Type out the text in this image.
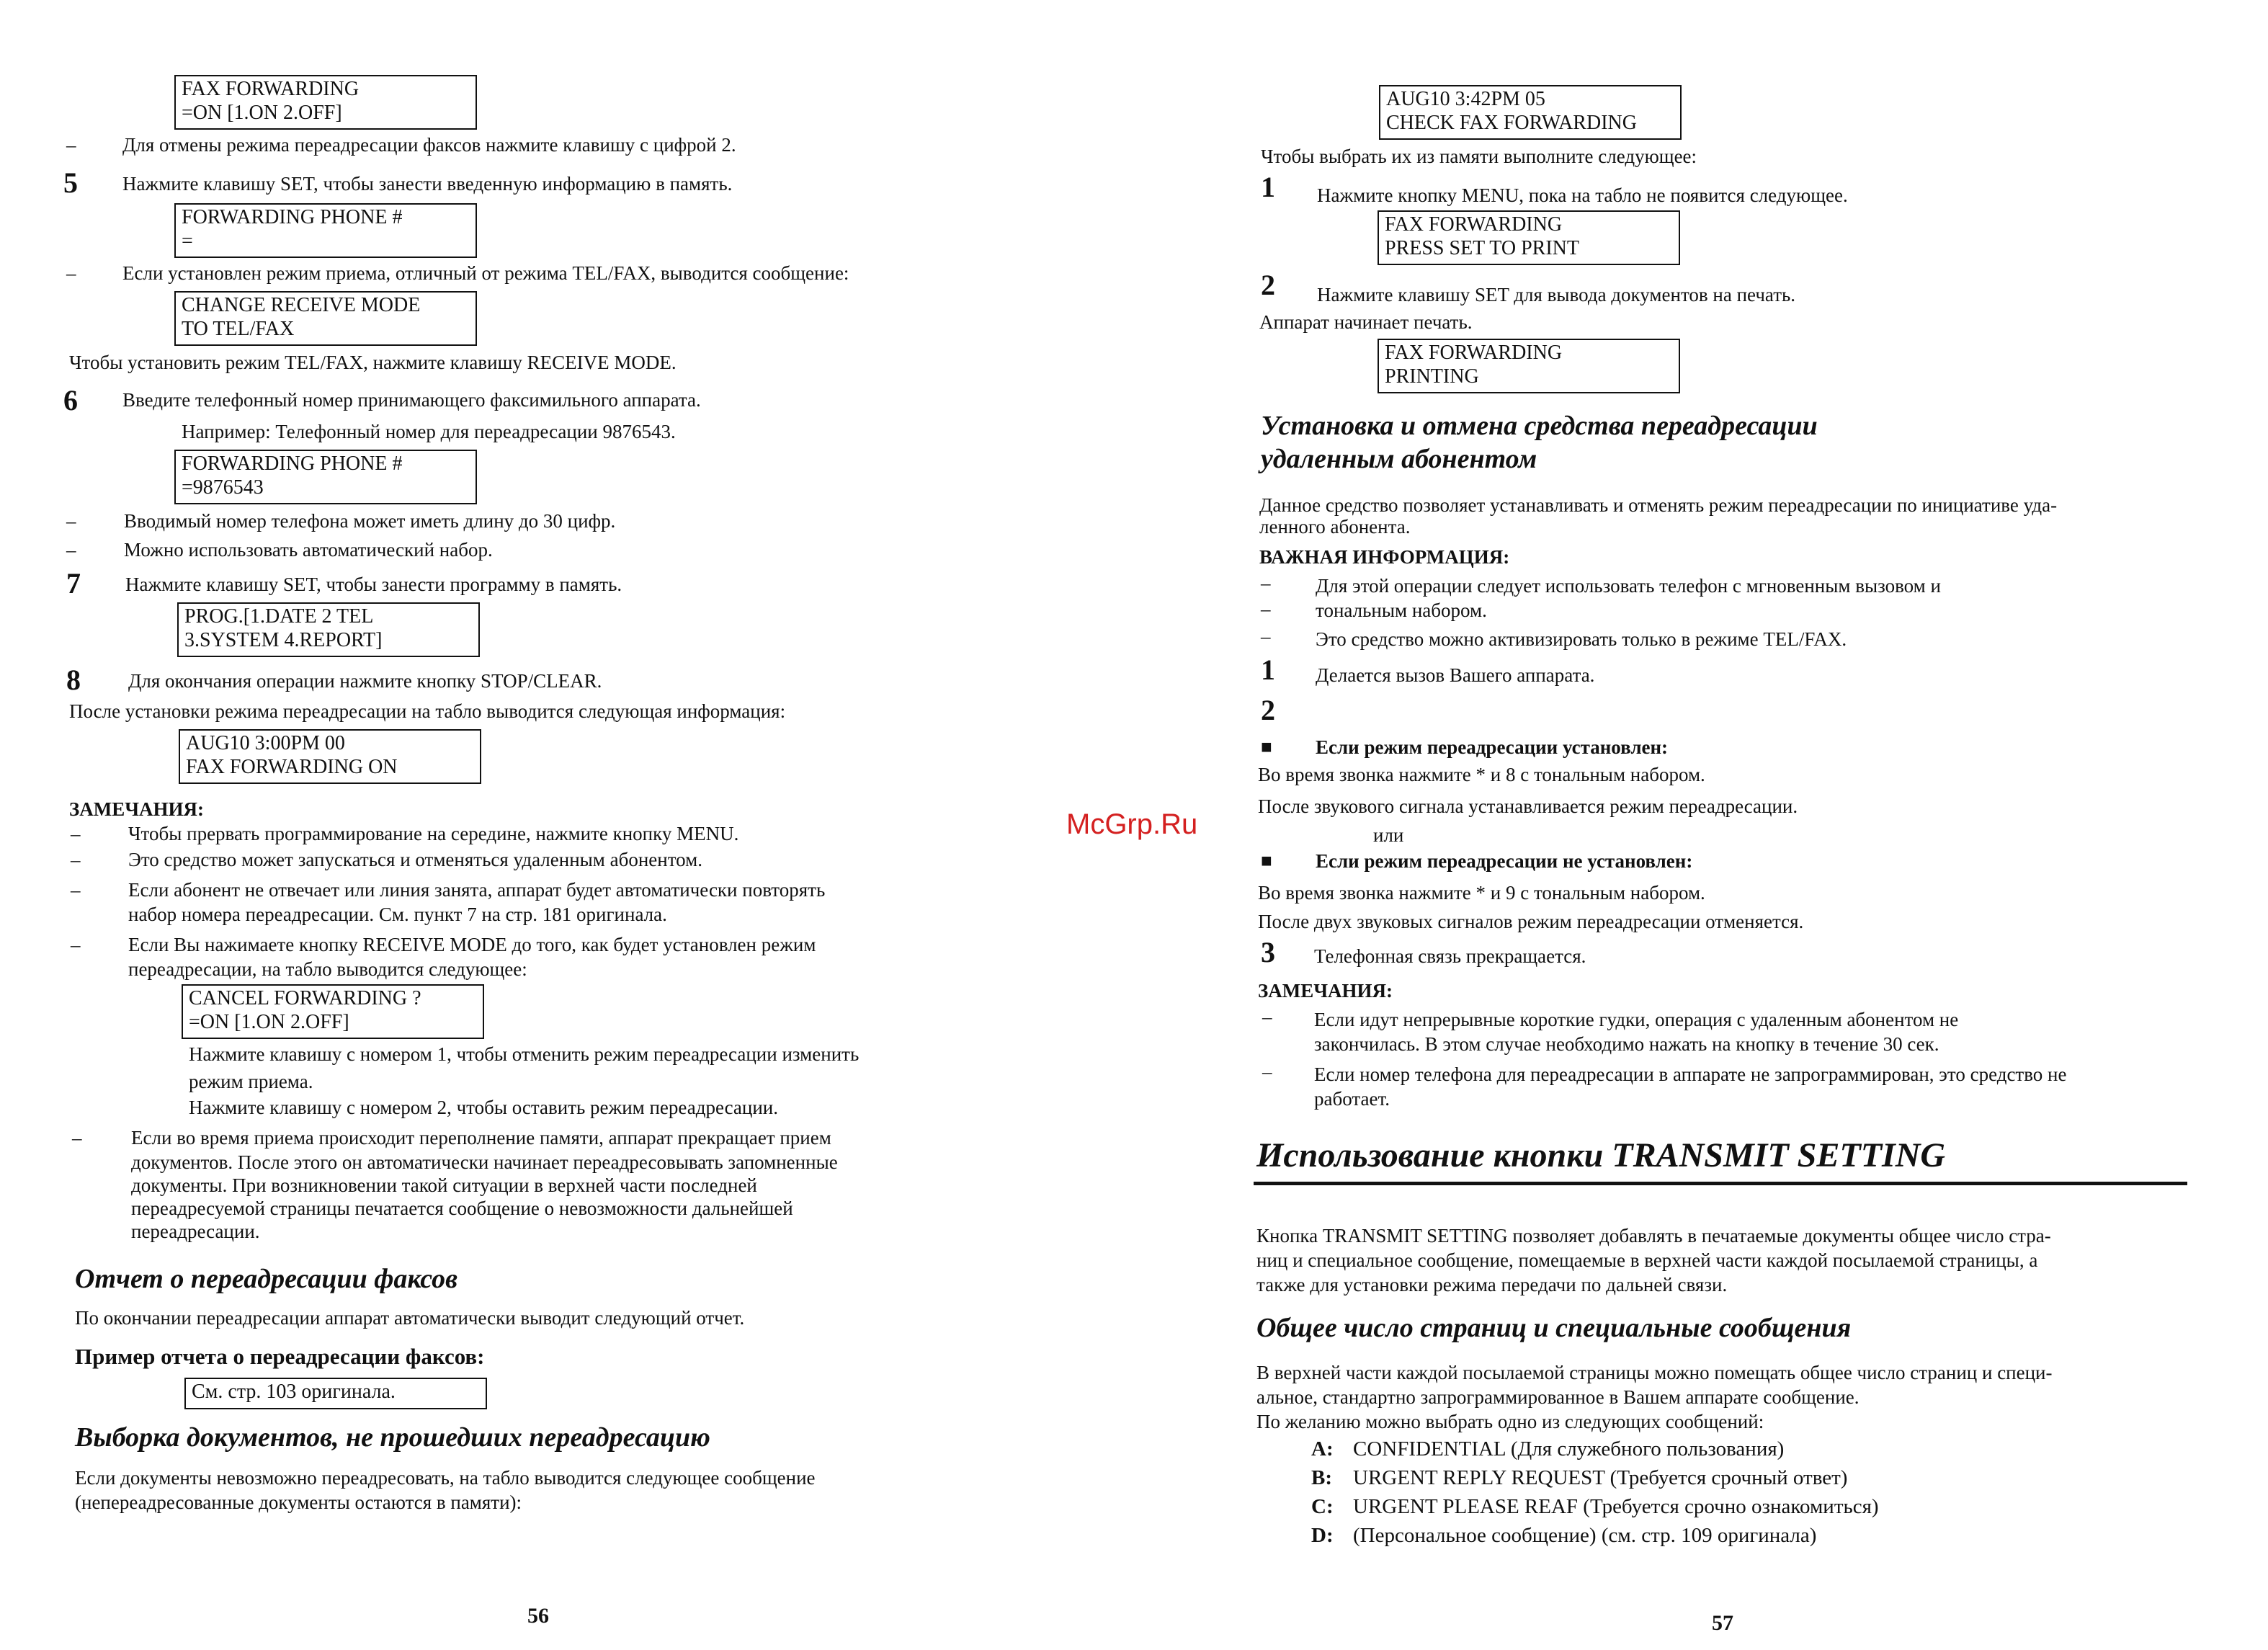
FAX FORWARDING
=ON [1.ON 2.OFF]
– Для отмены режима переадресации факсов нажмите клавишу с цифрой 2.
5 Нажмите клавишу SET, чтобы занести введенную информацию в память.
FORWARDING PHONE #
=
– Если установлен режим приема, отличный от режима TEL/FAX, выводится сообщение:
CHANGE RECEIVE MODE
TO TEL/FAX
Чтобы установить режим TEL/FAX, нажмите клавишу RECEIVE MODE.
6 Введите телефонный номер принимающего факсимильного аппарата.
Например: Телефонный номер для переадресации 9876543.
FORWARDING PHONE #
=9876543
– Вводимый номер телефона может иметь длину до 30 цифр.
– Можно использовать автоматический набор.
7 Нажмите клавишу SET, чтобы занести программу в память.
PROG.[1.DATE 2 TEL
3.SYSTEM 4.REPORT]
8 Для окончания операции нажмите кнопку STOP/CLEAR.
После установки режима переадресации на табло выводится следующая информация:
AUG10 3:00PM 00
FAX FORWARDING ON
ЗАМЕЧАНИЯ:
– Чтобы прервать программирование на середине, нажмите кнопку MENU.
– Это средство может запускаться и отменяться удаленным абонентом.
– Если абонент не отвечает или линия занята, аппарат будет автоматически повторять
набор номера переадресации. См. пункт 7 на стр. 181 оригинала.
– Если Вы нажимаете кнопку RECEIVE MODE до того, как будет установлен режим
переадресации, на табло выводится следующее:
CANCEL FORWARDING ?
=ON [1.ON 2.OFF]
Нажмите клавишу с номером 1, чтобы отменить режим переадресации изменить
режим приема.
Нажмите клавишу с номером 2, чтобы оставить режим переадресации.
–	Если во время приема происходит переполнение памяти, аппарат прекращает прием
документов. После этого он автоматически начинает переадресовывать запомненные
документы. При возникновении такой ситуации в верхней части последней
переадресуемой страницы печатается сообщение о невозможности дальнейшей
переадресации.
Отчет о переадресации факсов
По окончании переадресации аппарат автоматически выводит следующий отчет.
Пример отчета о переадресации факсов:
См. стр. 103 оригинала.
Выборка документов, не прошедших переадресацию
Если документы невозможно переадресовать, на табло выводится следующее сообщение
(непереадресованные документы остаются в памяти):
56
McGrp.Ru
AUG10 3:42PM 05
CHECK FAX FORWARDING
Чтобы выбрать их из памяти выполните следующее:
1 Нажмите кнопку MENU, пока на табло не появится следующее.
FAX FORWARDING
PRESS SET TO PRINT
2 Нажмите клавишу SET для вывода документов на печать.
Аппарат начинает печать.
FAX FORWARDING
PRINTING
Установка и отмена средства переадресации
удаленным абонентом
Данное средство позволяет устанавливать и отменять режим переадресации по инициативе уда-
ленного абонента.
ВАЖНАЯ ИНФОРМАЦИЯ:
– Для этой операции следует использовать телефон с мгновенным вызовом и
– тональным набором.
– Это средство можно активизировать только в режиме TEL/FAX.
1 Делается вызов Вашего аппарата.
2
■ Если режим переадресации установлен:
Во время звонка нажмите * и 8 с тональным набором.
После звукового сигнала устанавливается режим переадресации.
или
■ Если режим переадресации не установлен:
Во время звонка нажмите * и 9 с тональным набором.
После двух звуковых сигналов режим переадресации отменяется.
3 Телефонная связь прекращается.
ЗАМЕЧАНИЯ:
– Если идут непрерывные короткие гудки, операция с удаленным абонентом не
закончилась. В этом случае необходимо нажать на кнопку в течение 30 сек.
– Если номер телефона для переадресации в аппарате не запрограммирован, это средство не
работает.
Использование кнопки TRANSMIT SETTING
Кнопка TRANSMIT SETTING позволяет добавлять в печатаемые документы общее число стра-
ниц и специальное сообщение, помещаемые в верхней части каждой посылаемой страницы, а
также для установки режима передачи по дальней связи.
Общее число страниц и специальные сообщения
В верхней части каждой посылаемой страницы можно помещать общее число страниц и специ-
альное, стандартно запрограммированное в Вашем аппарате сообщение.
По желанию можно выбрать одно из следующих сообщений:
A: CONFIDENTIAL (Для служебного пользования)
B: URGENT REPLY REQUEST (Требуется срочный ответ)
C: URGENT PLEASE REAF (Требуется срочно ознакомиться)
D: (Персональное сообщение) (см. стр. 109 оригинала)
57
